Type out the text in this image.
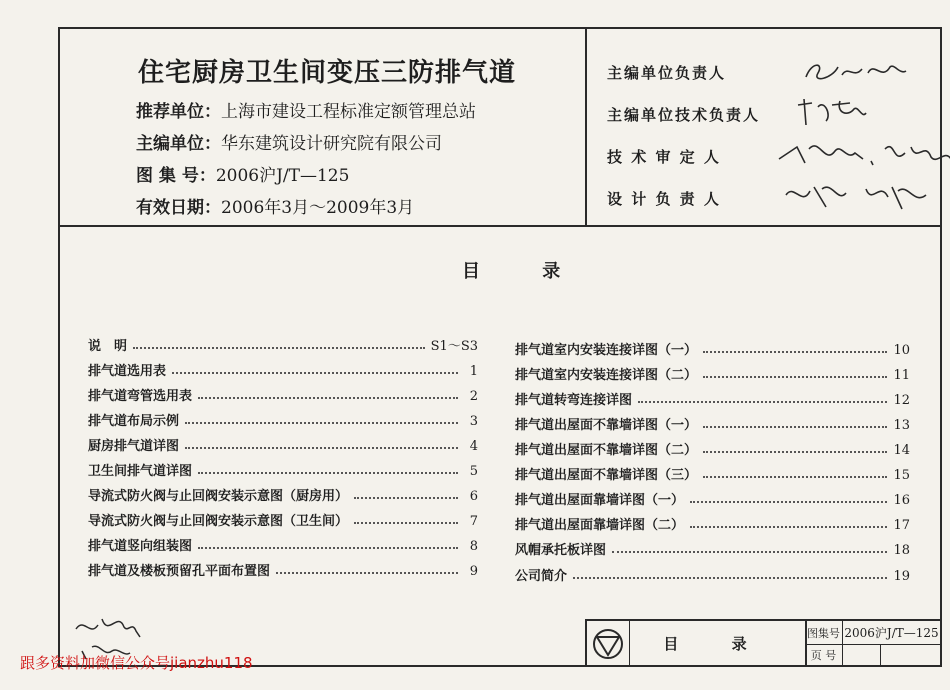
住宅厨房卫生间变压三防排气道
推荐单位：上海市建设工程标准定额管理总站
主编单位：华东建筑设计研究院有限公司
图 集 号：2006沪J/T—125
有效日期：2006年3月～2009年3月
主编单位负责人
主编单位技术负责人
技 术 审 定 人
设 计 负 责 人
目 录
说　明	S1～S3
排气道选用表	1
排气道弯管选用表	2
排气道布局示例	3
厨房排气道详图	4
卫生间排气道详图	5
导流式防火阀与止回阀安装示意图（厨房用）	6
导流式防火阀与止回阀安装示意图（卫生间）	7
排气道竖向组装图	8
排气道及楼板预留孔平面布置图	9
排气道室内安装连接详图（一）	10
排气道室内安装连接详图（二）	11
排气道转弯连接详图	12
排气道出屋面不靠墙详图（一）	13
排气道出屋面不靠墙详图（二）	14
排气道出屋面不靠墙详图（三）	15
排气道出屋面靠墙详图（一）	16
排气道出屋面靠墙详图（二）	17
风帽承托板详图	18
公司简介	19
目 录
图集号 2006沪J/T—125
页 号
跟多资料加微信公众号jianzhu118
